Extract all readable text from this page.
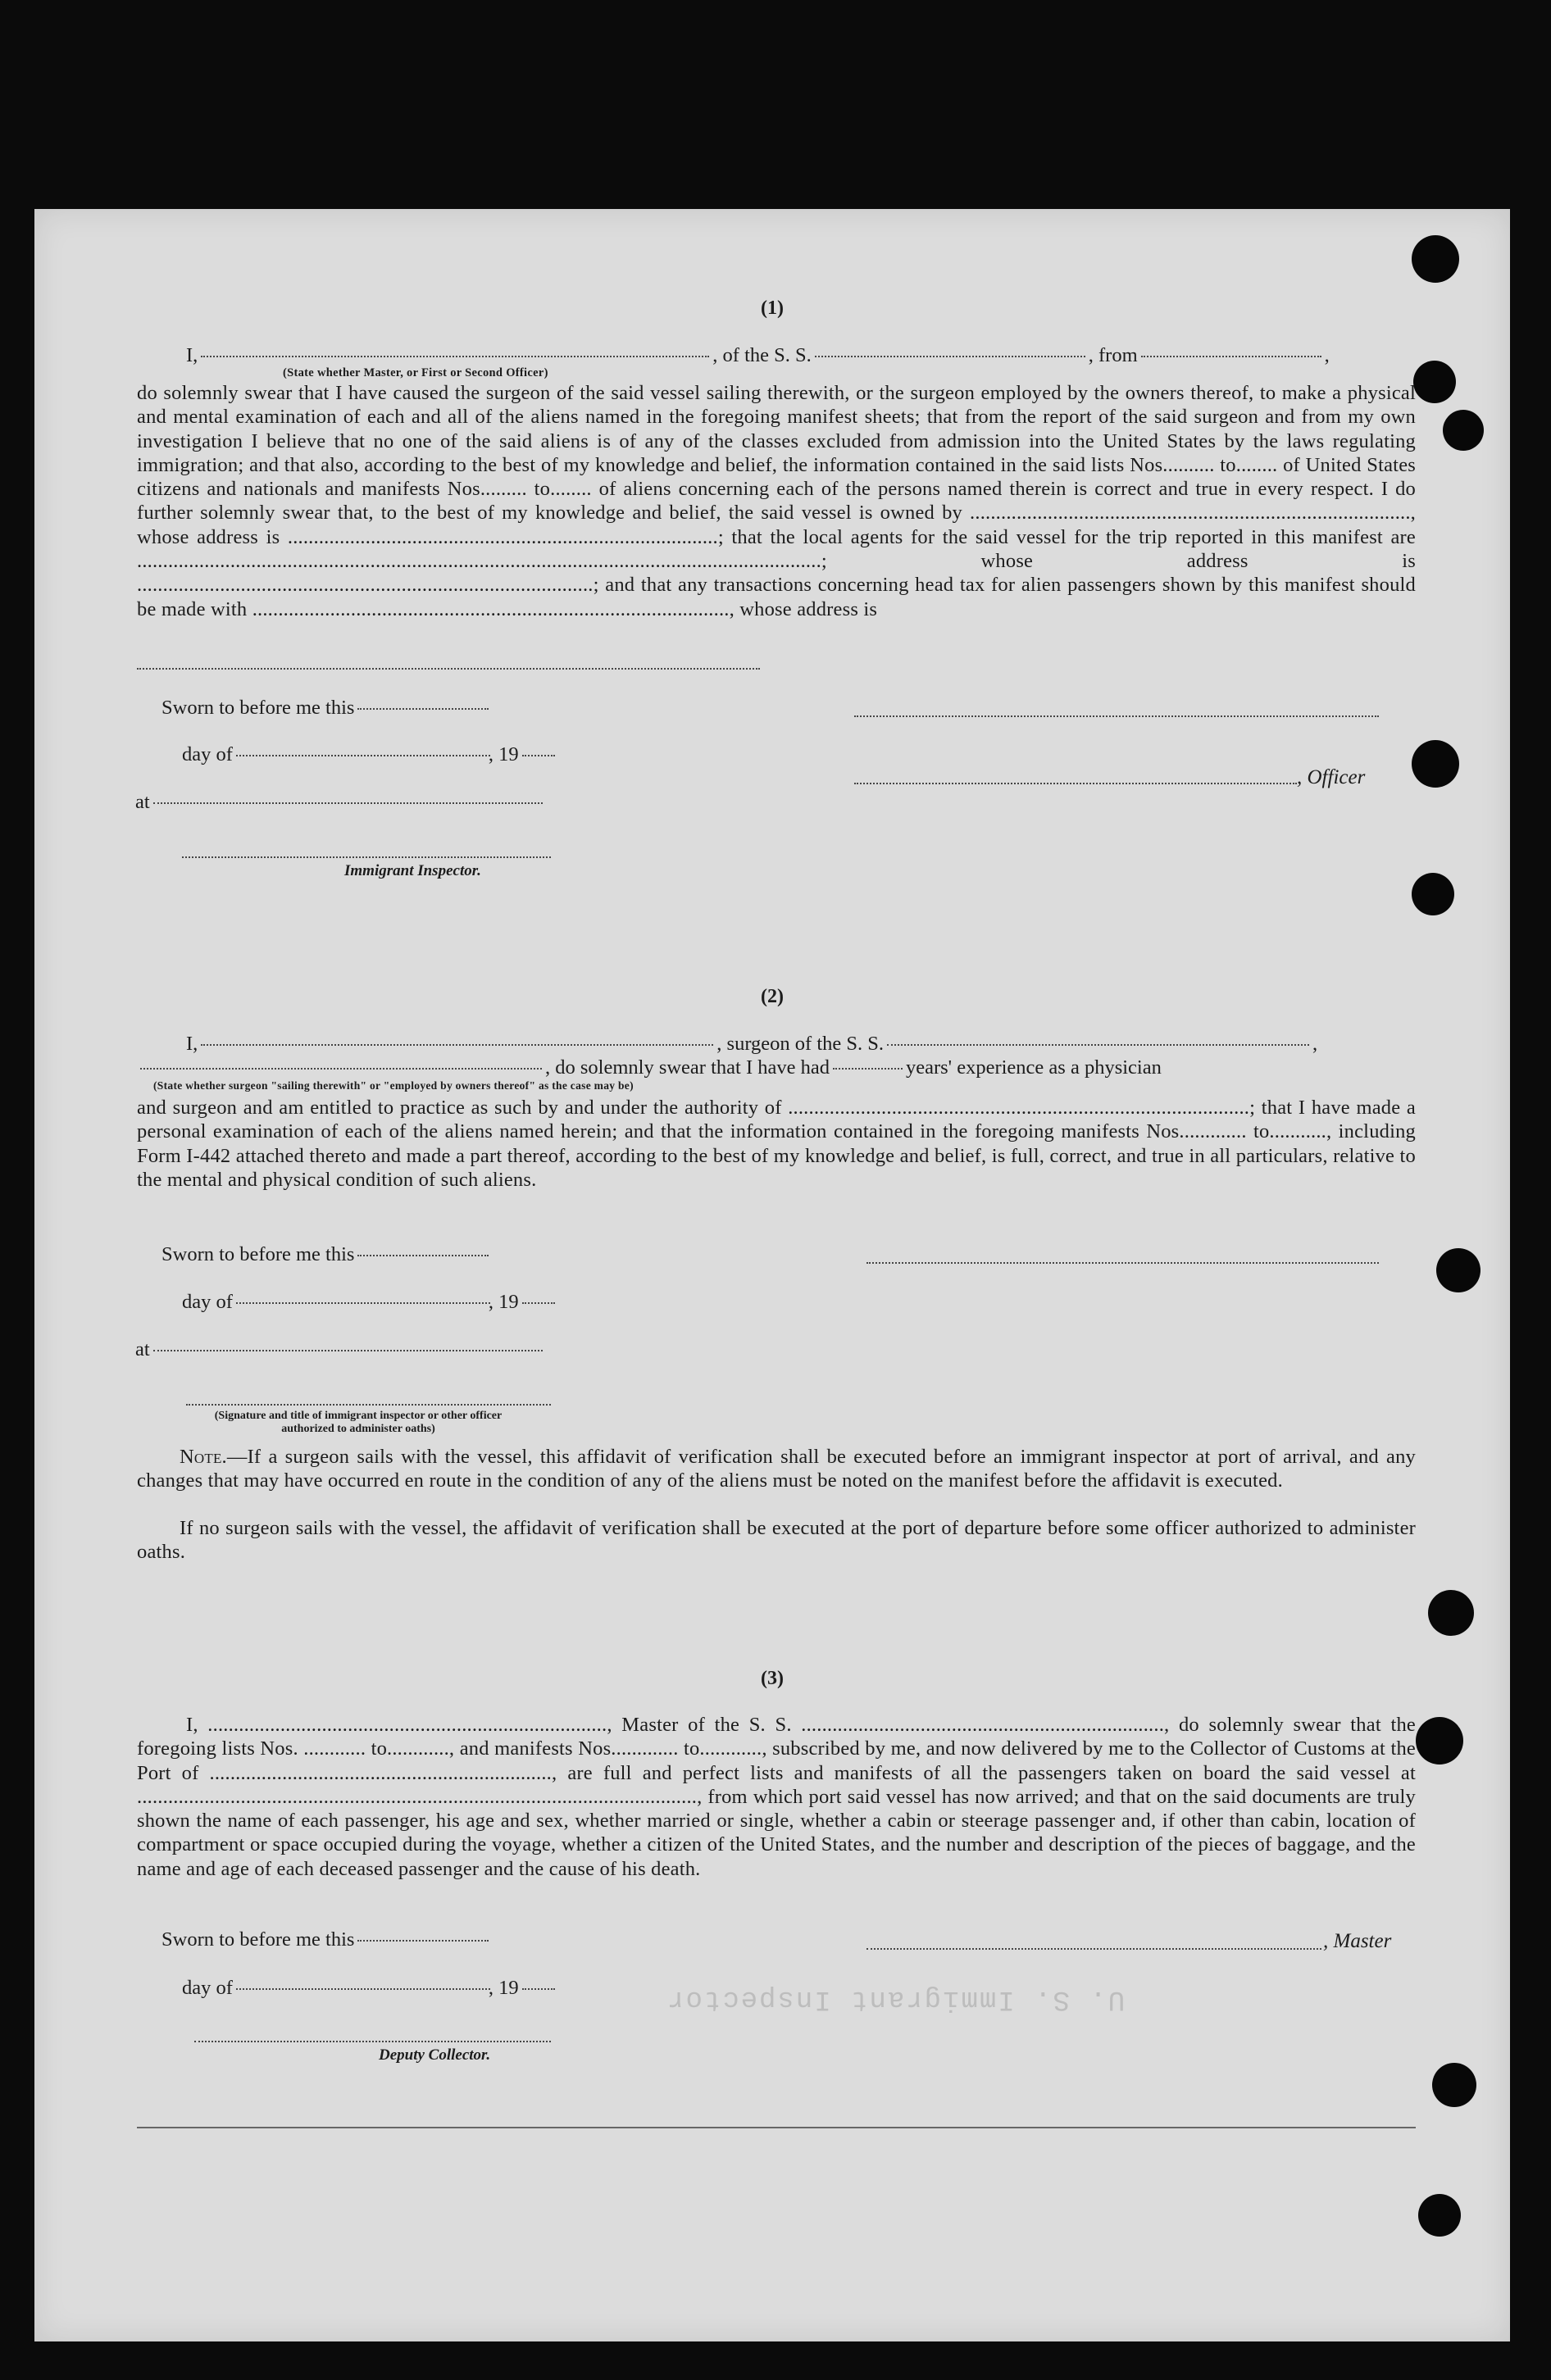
(1)
I,	, of the S. S.	, from	,
(State whether Master, or First or Second Officer)
do solemnly swear that I have caused the surgeon of the said vessel sailing therewith, or the surgeon employed by the owners thereof, to make a physical and mental examination of each and all of the aliens named in the foregoing manifest sheets; that from the report of the said surgeon and from my own investigation I believe that no one of the said aliens is of any of the classes excluded from admission into the United States by the laws regulating immigration; and that also, according to the best of my knowledge and belief, the information contained in the said lists Nos.......... to........ of United States citizens and nationals and manifests Nos......... to........ of aliens concerning each of the persons named therein is correct and true in every respect. I do further solemnly swear that, to the best of my knowledge and belief, the said vessel is owned by ....................................................................................., whose address is ...................................................................................; that the local agents for the said vessel for the trip reported in this manifest are ....................................................................................................................................; whose address is ........................................................................................; and that any transactions concerning head tax for alien passengers shown by this manifest should be made with ............................................................................................, whose address is
Sworn to before me this
day of	, 19
, Officer
at
Immigrant Inspector.
(2)
I,	, surgeon of the S. S.	,
, do solemnly swear that I have had	years' experience as a physician
(State whether surgeon "sailing therewith" or "employed by owners thereof" as the case may be)
and surgeon and am entitled to practice as such by and under the authority of .........................................................................................; that I have made a personal examination of each of the aliens named herein; and that the information contained in the foregoing manifests Nos............. to..........., including Form I-442 attached thereto and made a part thereof, according to the best of my knowledge and belief, is full, correct, and true in all particulars, relative to the mental and physical condition of such aliens.
Sworn to before me this
day of	, 19
at
(Signature and title of immigrant inspector or other officer authorized to administer oaths)
Note.—If a surgeon sails with the vessel, this affidavit of verification shall be executed before an immigrant inspector at port of arrival, and any changes that may have occurred en route in the condition of any of the aliens must be noted on the manifest before the affidavit is executed.
If no surgeon sails with the vessel, the affidavit of verification shall be executed at the port of departure before some officer authorized to administer oaths.
(3)
I, ............................................................................., Master of the S. S. ......................................................................, do solemnly swear that the foregoing lists Nos. ............ to............, and manifests Nos............. to............, subscribed by me, and now delivered by me to the Collector of Customs at the Port of .................................................................., are full and perfect lists and manifests of all the passengers taken on board the said vessel at ............................................................................................................, from which port said vessel has now arrived; and that on the said documents are truly shown the name of each passenger, his age and sex, whether married or single, whether a cabin or steerage passenger and, if other than cabin, location of compartment or space occupied during the voyage, whether a citizen of the United States, and the number and description of the pieces of baggage, and the name and age of each deceased passenger and the cause of his death.
Sworn to before me this	, Master
day of	, 19	U. S. Immigrant Inspector
Deputy Collector.
